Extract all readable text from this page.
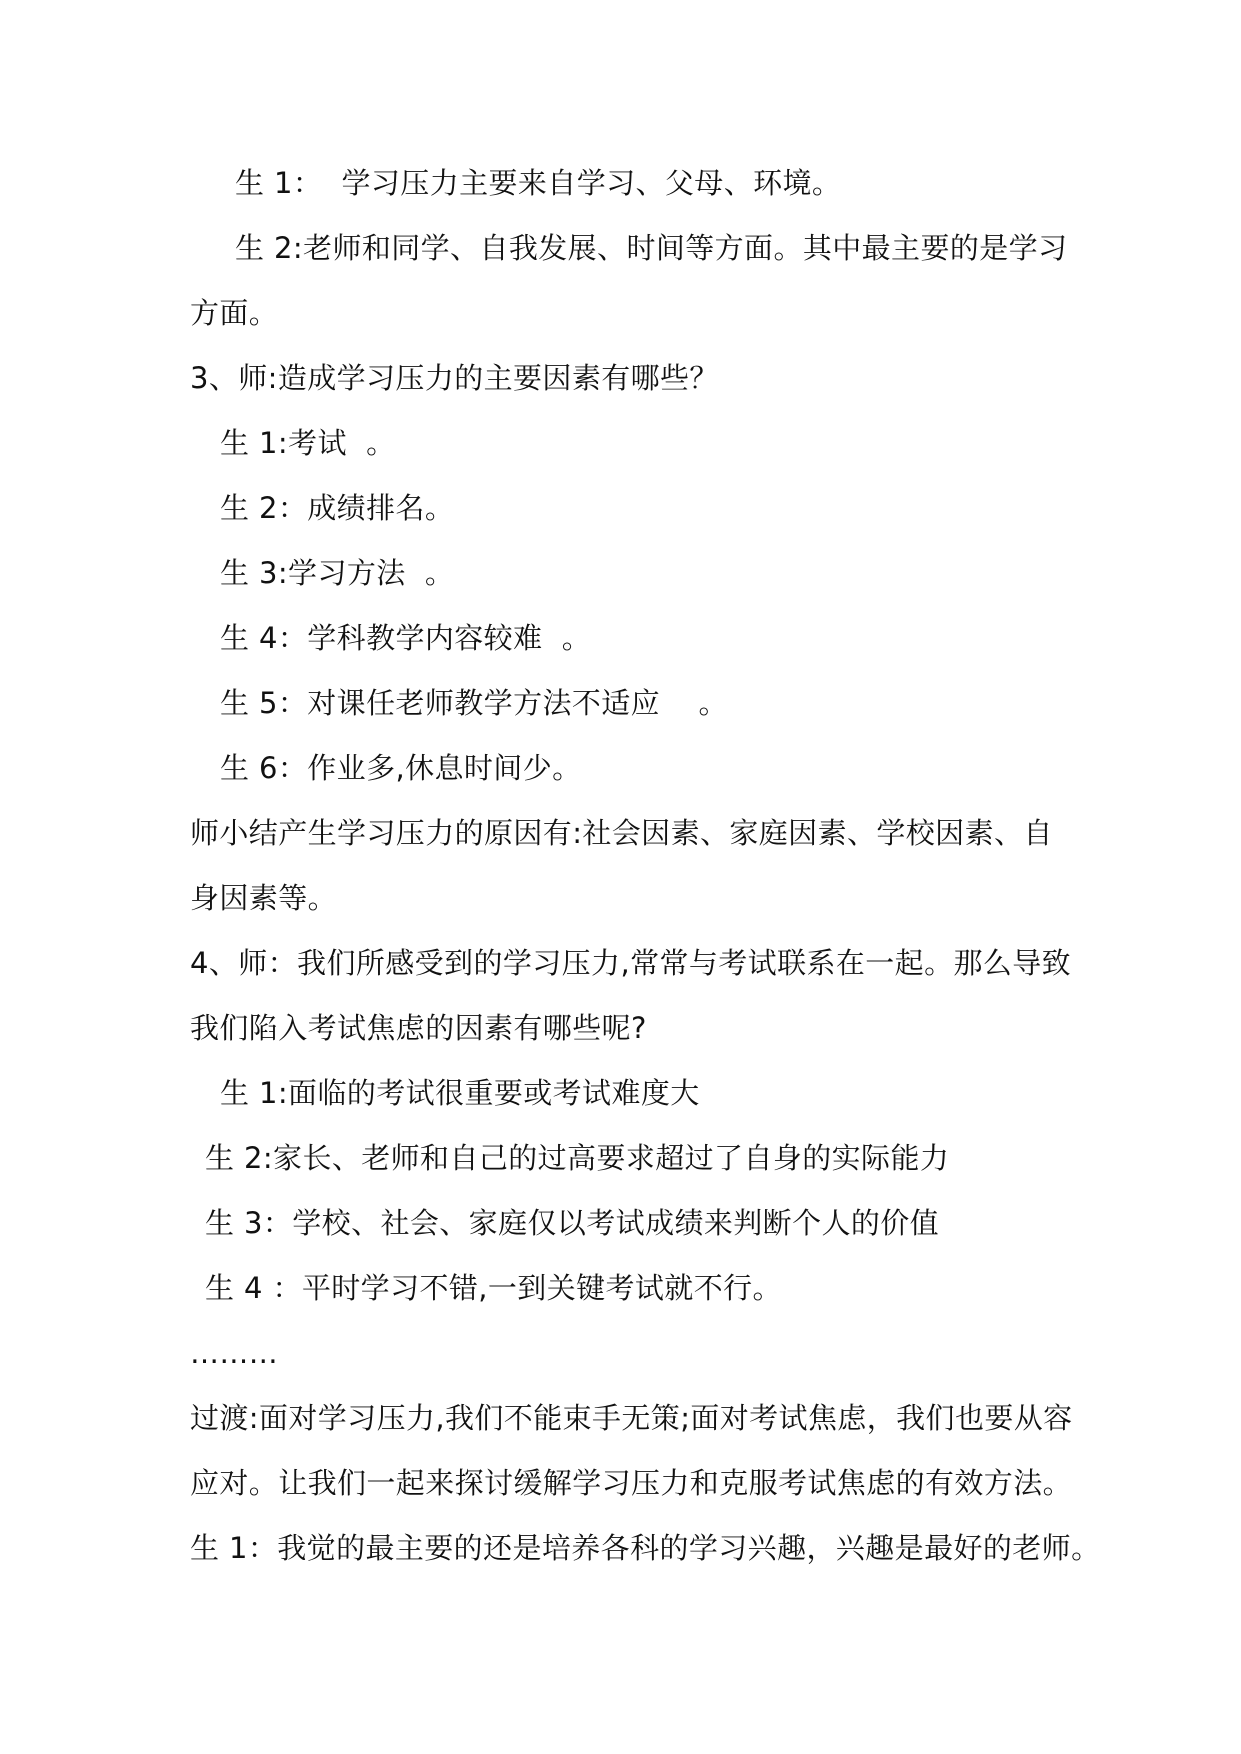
生 1：  学习压力主要来自学习、父母、环境。
生 2:老师和同学、自我发展、时间等方面。其中最主要的是学习
方面。
3、师:造成学习压力的主要因素有哪些？
生 1:考试  。
生 2：成绩排名。
生 3:学习方法  。
生 4：学科教学内容较难  。
生 5：对课任老师教学方法不适应    。
生 6：作业多,休息时间少。
师小结产生学习压力的原因有:社会因素、家庭因素、学校因素、自
身因素等。
4、师：我们所感受到的学习压力,常常与考试联系在一起。那么导致
我们陷入考试焦虑的因素有哪些呢?
生 1:面临的考试很重要或考试难度大
生 2:家长、老师和自己的过高要求超过了自身的实际能力
生 3：学校、社会、家庭仅以考试成绩来判断个人的价值
生 4 ：平时学习不错,一到关键考试就不行。
………
过渡:面对学习压力,我们不能束手无策;面对考试焦虑，我们也要从容
应对。让我们一起来探讨缓解学习压力和克服考试焦虑的有效方法。
生 1：我觉的最主要的还是培养各科的学习兴趣，兴趣是最好的老师。
